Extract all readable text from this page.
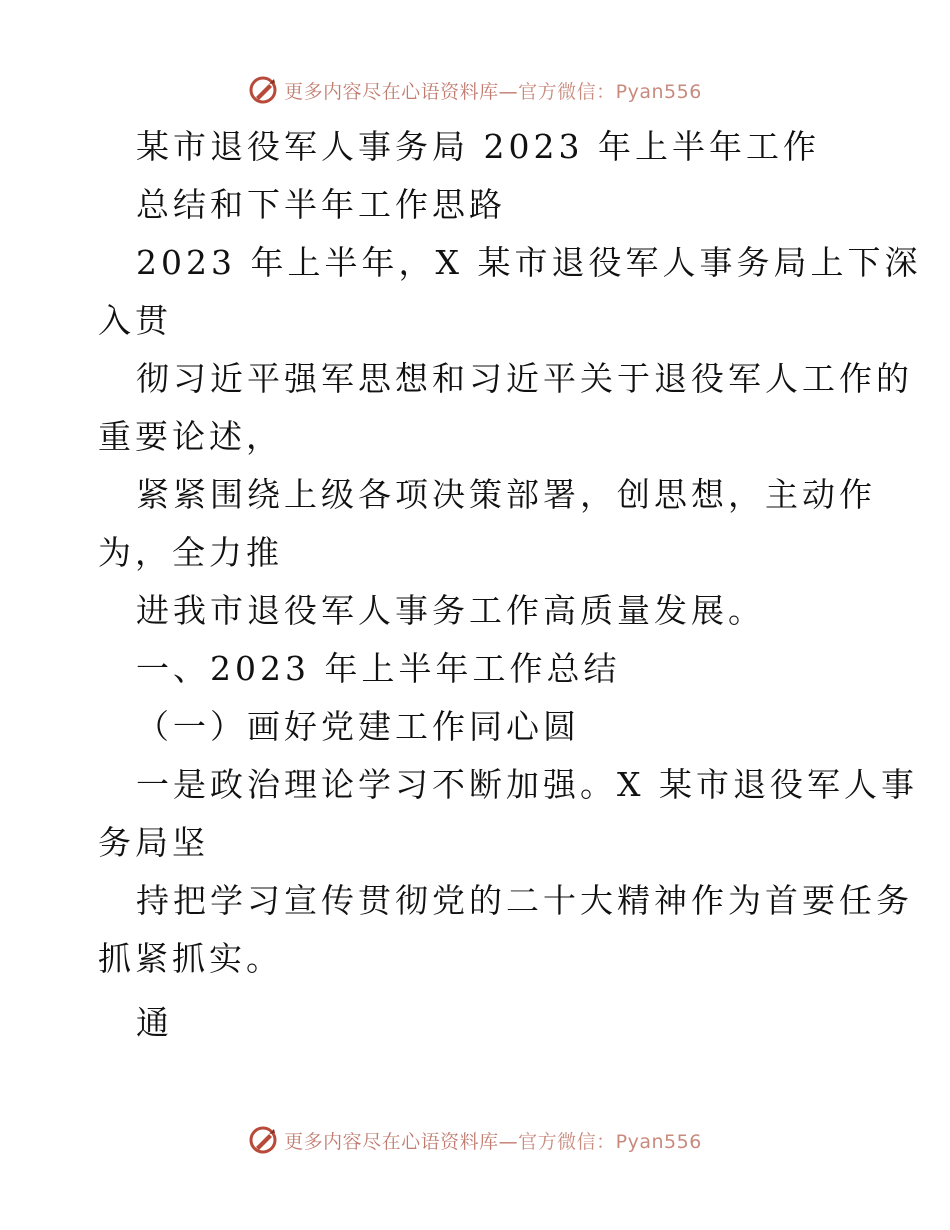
更多内容尽在心语资料库—官方微信：Pyan556
某市退役军人事务局 2023 年上半年工作
总结和下半年工作思路
2023 年上半年，X 某市退役军人事务局上下深
入贯
彻习近平强军思想和习近平关于退役军人工作的
重要论述，
紧紧围绕上级各项决策部署，创思想，主动作
为，全力推
进我市退役军人事务工作高质量发展。
一、2023 年上半年工作总结
（一）画好党建工作同心圆
一是政治理论学习不断加强。X 某市退役军人事
务局坚
持把学习宣传贯彻党的二十大精神作为首要任务
抓紧抓实。
通
更多内容尽在心语资料库—官方微信：Pyan556
